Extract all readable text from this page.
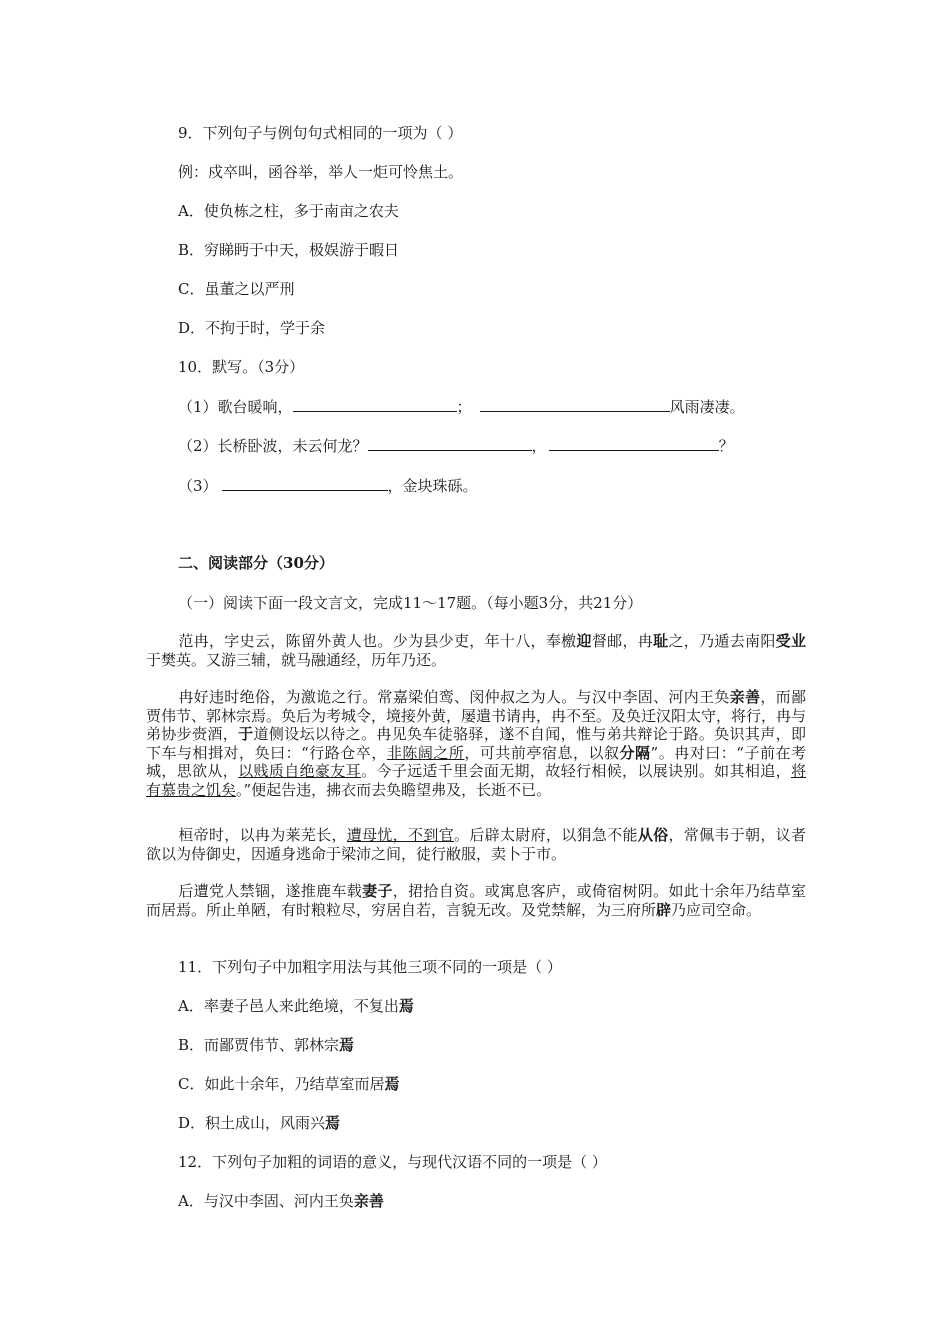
9．下列句子与例句句式相同的一项为（ ）
例：戍卒叫，函谷举，举人一炬可怜焦土。
A．使负栋之柱，多于南亩之农夫
B．穷睇眄于中天，极娱游于暇日
C．虽董之以严刑
D．不拘于时，学于余
10．默写。（3分）
（1）歌台暖响，	；	风雨凄凄。
（2）长桥卧波，未云何龙？	，	？
（3）	，金块珠砾。
二、阅读部分（30分）
（一）阅读下面一段文言文，完成11～17题。（每小题3分，共21分）
范冉，字史云，陈留外黄人也。少为县少吏，年十八，奉檄迎督邮，冉耻之，乃遁去南阳受业于樊英。又游三辅，就马融通经，历年乃还。
冉好违时绝俗，为激诡之行。常嘉梁伯鸾、闵仲叔之为人。与汉中李固、河内王奂亲善，而鄙贾伟节、郭林宗焉。奂后为考城令，境接外黄，屡遣书请冉，冉不至。及奂迁汉阳太守，将行，冉与弟协步赍酒，于道侧设坛以待之。冉见奂车徒骆驿，遂不自闻，惟与弟共辩论于路。奂识其声，即下车与相揖对，奂曰：“行路仓卒，非陈阔之所，可共前亭宿息，以叙分隔”。冉对曰：“子前在考城，思欲从，以贱质自绝豪友耳。今子远适千里会面无期，故轻行相候，以展诀别。如其相追，将有慕贵之饥矣。”便起告违，拂衣而去奂瞻望弗及，长逝不已。
桓帝时，以冉为莱芜长，遭母忧，不到官。后辟太尉府，以狷急不能从俗，常佩韦于朝，议者欲以为侍御史，因遁身逃命于梁沛之间，徒行敝服，卖卜于市。
后遭党人禁锢，遂推鹿车载妻子，捃拾自资。或寓息客庐，或倚宿树阴。如此十余年乃结草室而居焉。所止单陋，有时粮粒尽，穷居自若，言貌无改。及党禁解，为三府所辟乃应司空命。
11．下列句子中加粗字用法与其他三项不同的一项是（ ）
A．率妻子邑人来此绝境，不复出焉
B．而鄙贾伟节、郭林宗焉
C．如此十余年，乃结草室而居焉
D．积土成山，风雨兴焉
12．下列句子加粗的词语的意义，与现代汉语不同的一项是（ ）
A．与汉中李固、河内王奂亲善
